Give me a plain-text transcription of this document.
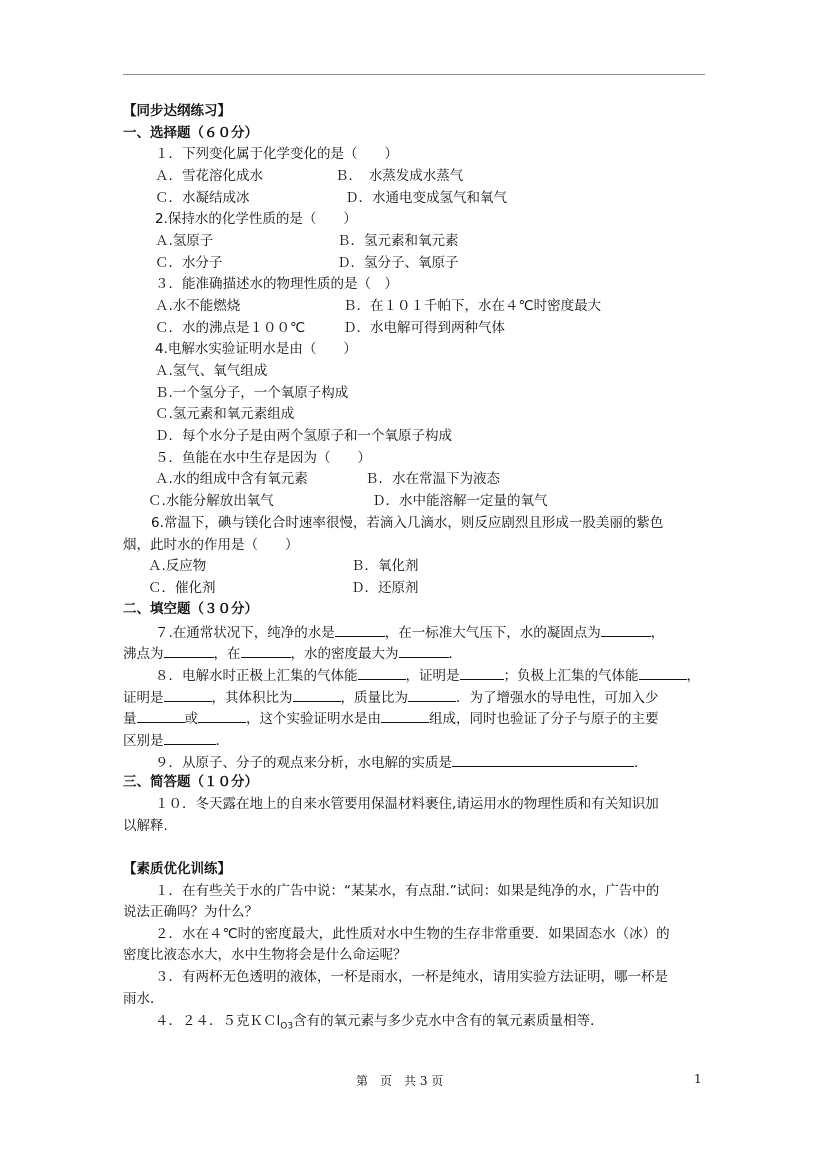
【同步达纲练习】
一、选择题（６０分）
１．下列变化属于化学变化的是（　　）
Ａ．雪花溶化成水	Ｂ．　水蒸发成水蒸气
Ｃ．水凝结成冰	Ｄ．水通电变成氢气和氧气
2.保持水的化学性质的是（　　）
Ａ.氢原子	Ｂ．氢元素和氧元素
Ｃ．水分子	Ｄ．氢分子、氧原子
３．能准确描述水的物理性质的是（　）
Ａ.水不能燃烧	Ｂ．在１０１千帕下，水在４℃时密度最大
Ｃ．水的沸点是１００℃	Ｄ．水电解可得到两种气体
4.电解水实验证明水是由（　　）
Ａ.氢气、氧气组成
Ｂ.一个氢分子，一个氧原子构成
Ｃ.氢元素和氧元素组成
Ｄ．每个水分子是由两个氢原子和一个氧原子构成
５．鱼能在水中生存是因为（　　）
Ａ.水的组成中含有氧元素	Ｂ．水在常温下为液态
Ｃ.水能分解放出氧气	Ｄ．水中能溶解一定量的氧气
6.常温下，碘与镁化合时速率很慢，若滴入几滴水，则反应剧烈且形成一股美丽的紫色
烟，此时水的作用是（　　）
Ａ.反应物	Ｂ．氧化剂
Ｃ．催化剂	Ｄ．还原剂
二、填空题（３０分）
７.在通常状况下，纯净的水是	，在一标准大气压下，水的凝固点为	，
沸点为	，在	，水的密度最大为	．
８．电解水时正极上汇集的气体能	，证明是	；负极上汇集的气体能	，
证明是	，其体积比为	，质量比为	．为了增强水的导电性，可加入少
量	或	，这个实验证明水是由	组成，同时也验证了分子与原子的主要
区别是	．
９．从原子、分子的观点来分析，水电解的实质是	.
三、简答题（１０分）
１０．冬天露在地上的自来水管要用保温材料裹住,请运用水的物理性质和有关知识加
以解释.
【素质优化训练】
１．在有些关于水的广告中说：“某某水，有点甜.”试问：如果是纯净的水，广告中的
说法正确吗？为什么？
２．水在４℃时的密度最大，此性质对水中生物的生存非常重要．如果固态水（冰）的
密度比液态水大，水中生物将会是什么命运呢？
３．有两杯无色透明的液体，一杯是雨水，一杯是纯水，请用实验方法证明，哪一杯是
雨水．
４．２４．５克ＫＣl$_{O3}$含有的氧元素与多少克水中含有的氧元素质量相等．
第　页　共 3 页	1
